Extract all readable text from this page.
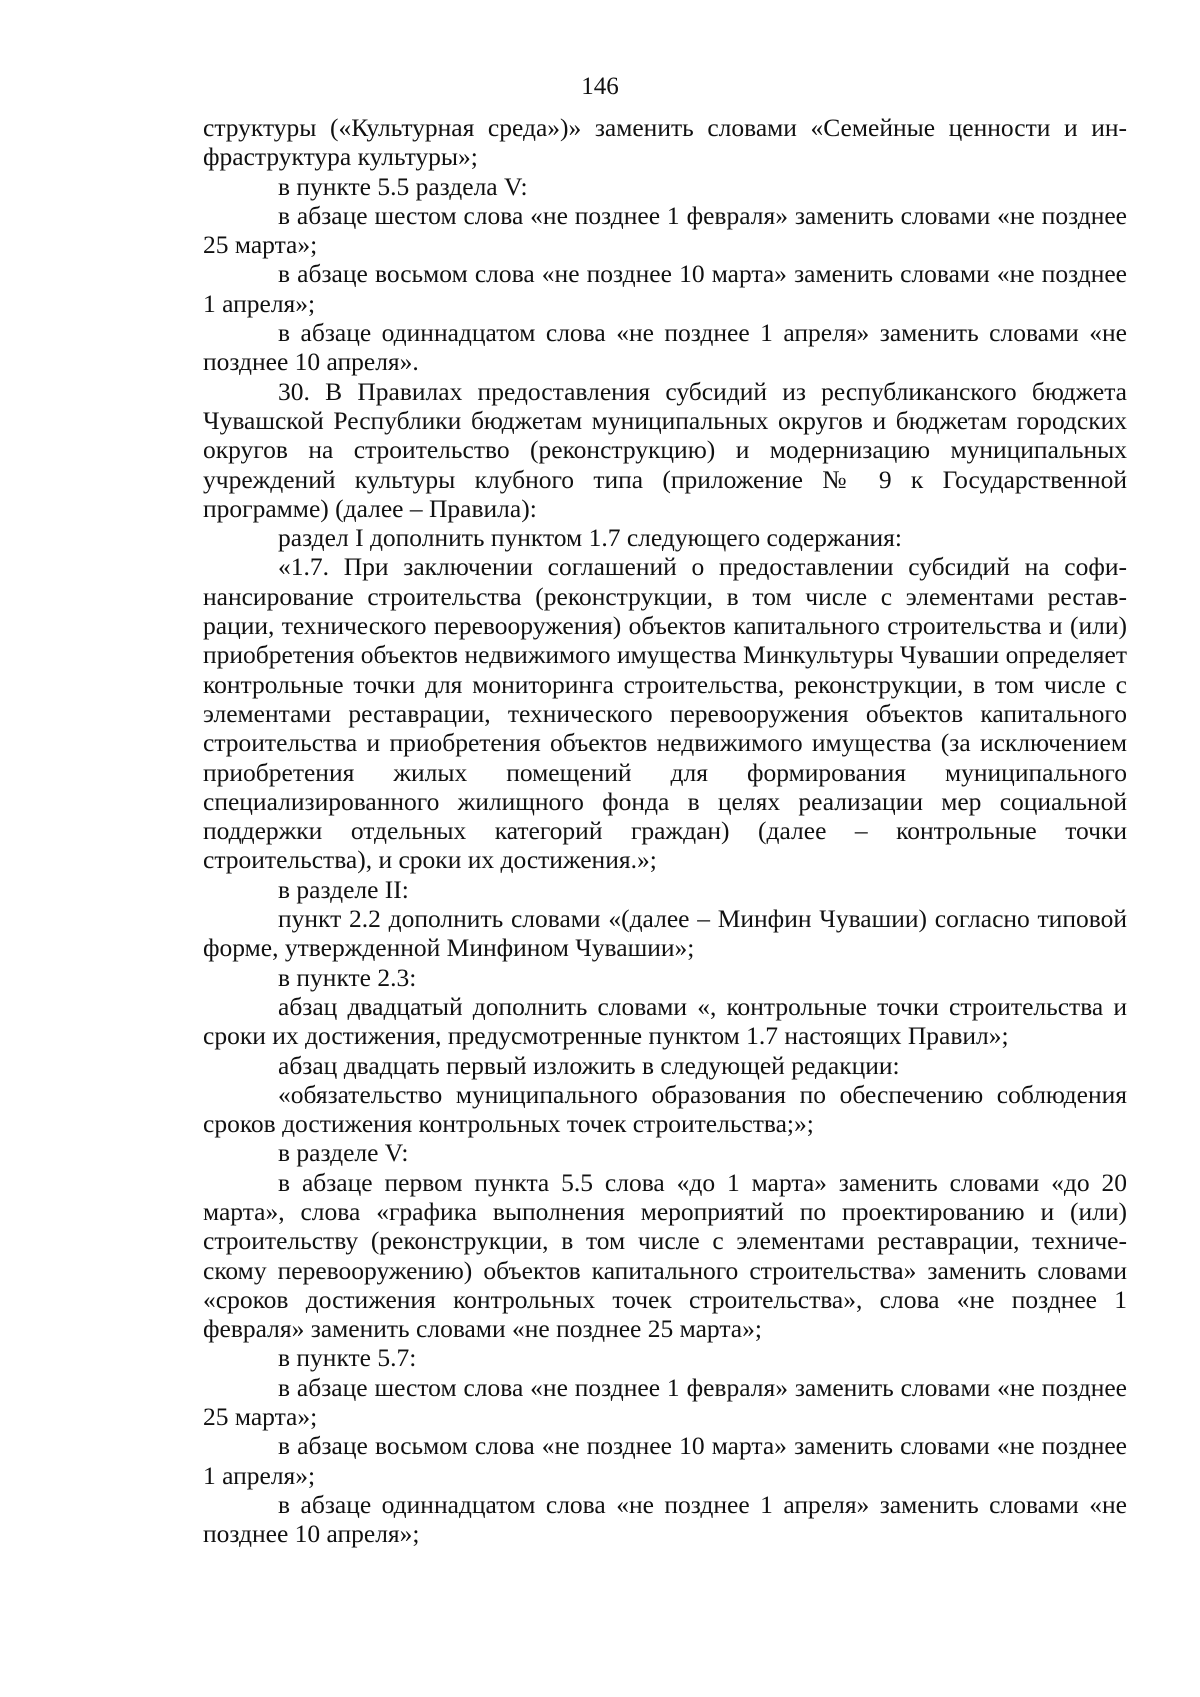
146

структуры («Культурная среда»)» заменить словами «Семейные ценности и инфраструктура культуры»;

в пункте 5.5 раздела V:

в абзаце шестом слова «не позднее 1 февраля» заменить словами «не позднее 25 марта»;

в абзаце восьмом слова «не позднее 10 марта» заменить словами «не позднее 1 апреля»;

в абзаце одиннадцатом слова «не позднее 1 апреля» заменить словами «не позднее 10 апреля».

30. В Правилах предоставления субсидий из республиканского бюджета Чувашской Республики бюджетам муниципальных округов и бюджетам городских округов на строительство (реконструкцию) и модернизацию муниципальных учреждений культуры клубного типа (приложение № 9 к Государственной программе) (далее – Правила):

раздел I дополнить пунктом 1.7 следующего содержания:

«1.7. При заключении соглашений о предоставлении субсидий на софинансирование строительства (реконструкции, в том числе с элементами реставрации, технического перевооружения) объектов капитального строительства и (или) приобретения объектов недвижимого имущества Минкультуры Чувашии определяет контрольные точки для мониторинга строительства, реконструкции, в том числе с элементами реставрации, технического перевооружения объектов капитального строительства и приобретения объектов недвижимого имущества (за исключением приобретения жилых помещений для формирования муниципального специализированного жилищного фонда в целях реализации мер социальной поддержки отдельных категорий граждан) (далее – контрольные точки строительства), и сроки их достижения.»;

в разделе II:

пункт 2.2 дополнить словами «(далее – Минфин Чувашии) согласно типовой форме, утвержденной Минфином Чувашии»;

в пункте 2.3:

абзац двадцатый дополнить словами «, контрольные точки строительства и сроки их достижения, предусмотренные пунктом 1.7 настоящих Правил»;

абзац двадцать первый изложить в следующей редакции:

«обязательство муниципального образования по обеспечению соблюдения сроков достижения контрольных точек строительства;»;

в разделе V:

в абзаце первом пункта 5.5 слова «до 1 марта» заменить словами «до 20 марта», слова «графика выполнения мероприятий по проектированию и (или) строительству (реконструкции, в том числе с элементами реставрации, техническому перевооружению) объектов капитального строительства» заменить словами «сроков достижения контрольных точек строительства», слова «не позднее 1 февраля» заменить словами «не позднее 25 марта»;

в пункте 5.7:

в абзаце шестом слова «не позднее 1 февраля» заменить словами «не позднее 25 марта»;

в абзаце восьмом слова «не позднее 10 марта» заменить словами «не позднее 1 апреля»;

в абзаце одиннадцатом слова «не позднее 1 апреля» заменить словами «не позднее 10 апреля»;
